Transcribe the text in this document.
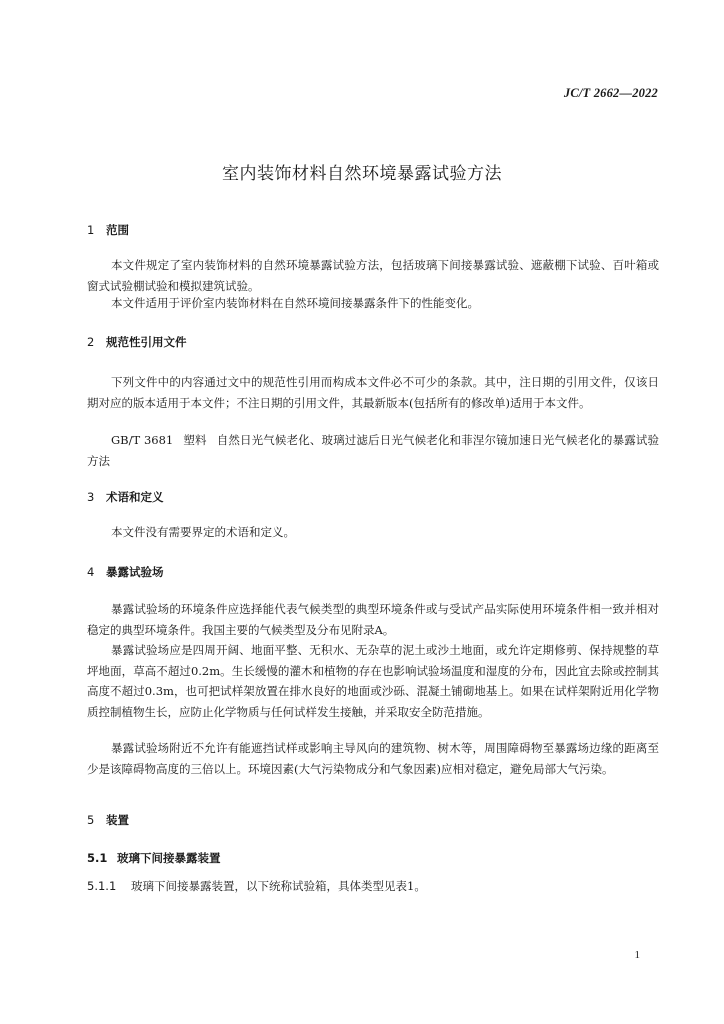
JC/T 2662—2022
室内装饰材料自然环境暴露试验方法
1 范围
本文件规定了室内装饰材料的自然环境暴露试验方法，包括玻璃下间接暴露试验、遮蔽棚下试验、百叶箱或窗式试验棚试验和模拟建筑试验。
本文件适用于评价室内装饰材料在自然环境间接暴露条件下的性能变化。
2 规范性引用文件
下列文件中的内容通过文中的规范性引用而构成本文件必不可少的条款。其中，注日期的引用文件，仅该日期对应的版本适用于本文件；不注日期的引用文件，其最新版本(包括所有的修改单)适用于本文件。
GB/T 3681 塑料 自然日光气候老化、玻璃过滤后日光气候老化和菲涅尔镜加速日光气候老化的暴露试验方法
3 术语和定义
本文件没有需要界定的术语和定义。
4 暴露试验场
暴露试验场的环境条件应选择能代表气候类型的典型环境条件或与受试产品实际使用环境条件相一致并相对稳定的典型环境条件。我国主要的气候类型及分布见附录A。
暴露试验场应是四周开阔、地面平整、无积水、无杂草的泥土或沙土地面，或允许定期修剪、保持规整的草坪地面，草高不超过0.2m。生长缓慢的灌木和植物的存在也影响试验场温度和湿度的分布，因此宜去除或控制其高度不超过0.3m，也可把试样架放置在排水良好的地面或沙砾、混凝土铺砌地基上。如果在试样架附近用化学物质控制植物生长，应防止化学物质与任何试样发生接触，并采取安全防范措施。
暴露试验场附近不允许有能遮挡试样或影响主导风向的建筑物、树木等，周围障碍物至暴露场边缘的距离至少是该障碍物高度的三倍以上。环境因素(大气污染物成分和气象因素)应相对稳定，避免局部大气污染。
5 装置
5.1 玻璃下间接暴露装置
5.1.1 玻璃下间接暴露装置，以下统称试验箱，具体类型见表1。
1
